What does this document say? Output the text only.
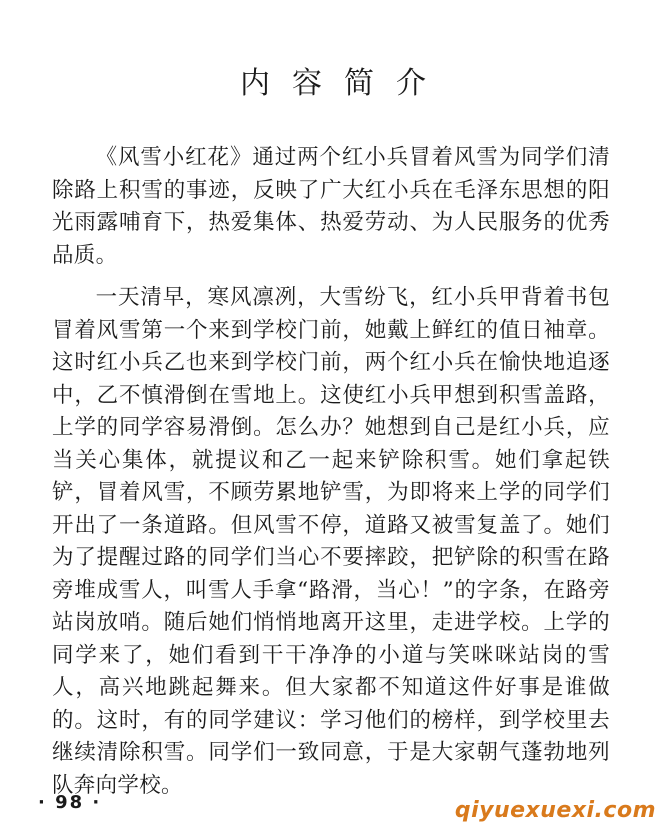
内容简介

《风雪小红花》通过两个红小兵冒着风雪为同学们清除路上积雪的事迹，反映了广大红小兵在毛泽东思想的阳光雨露哺育下，热爱集体、热爱劳动、为人民服务的优秀品质。

一天清早，寒风凛冽，大雪纷飞，红小兵甲背着书包冒着风雪第一个来到学校门前，她戴上鲜红的值日袖章。这时红小兵乙也来到学校门前，两个红小兵在愉快地追逐中，乙不慎滑倒在雪地上。这使红小兵甲想到积雪盖路，上学的同学容易滑倒。怎么办？她想到自己是红小兵，应当关心集体，就提议和乙一起来铲除积雪。她们拿起铁铲，冒着风雪，不顾劳累地铲雪，为即将来上学的同学们开出了一条道路。但风雪不停，道路又被雪复盖了。她们为了提醒过路的同学们当心不要摔跤，把铲除的积雪在路旁堆成雪人，叫雪人手拿“路滑，当心！”的字条，在路旁站岗放哨。随后她们悄悄地离开这里，走进学校。上学的同学来了，她们看到干干净净的小道与笑咪咪站岗的雪人，高兴地跳起舞来。但大家都不知道这件好事是谁做的。这时，有的同学建议：学习他们的榜样，到学校里去继续清除积雪。同学们一致同意，于是大家朝气蓬勃地列队奔向学校。

· 98 ·	qiyuexuexi.com
